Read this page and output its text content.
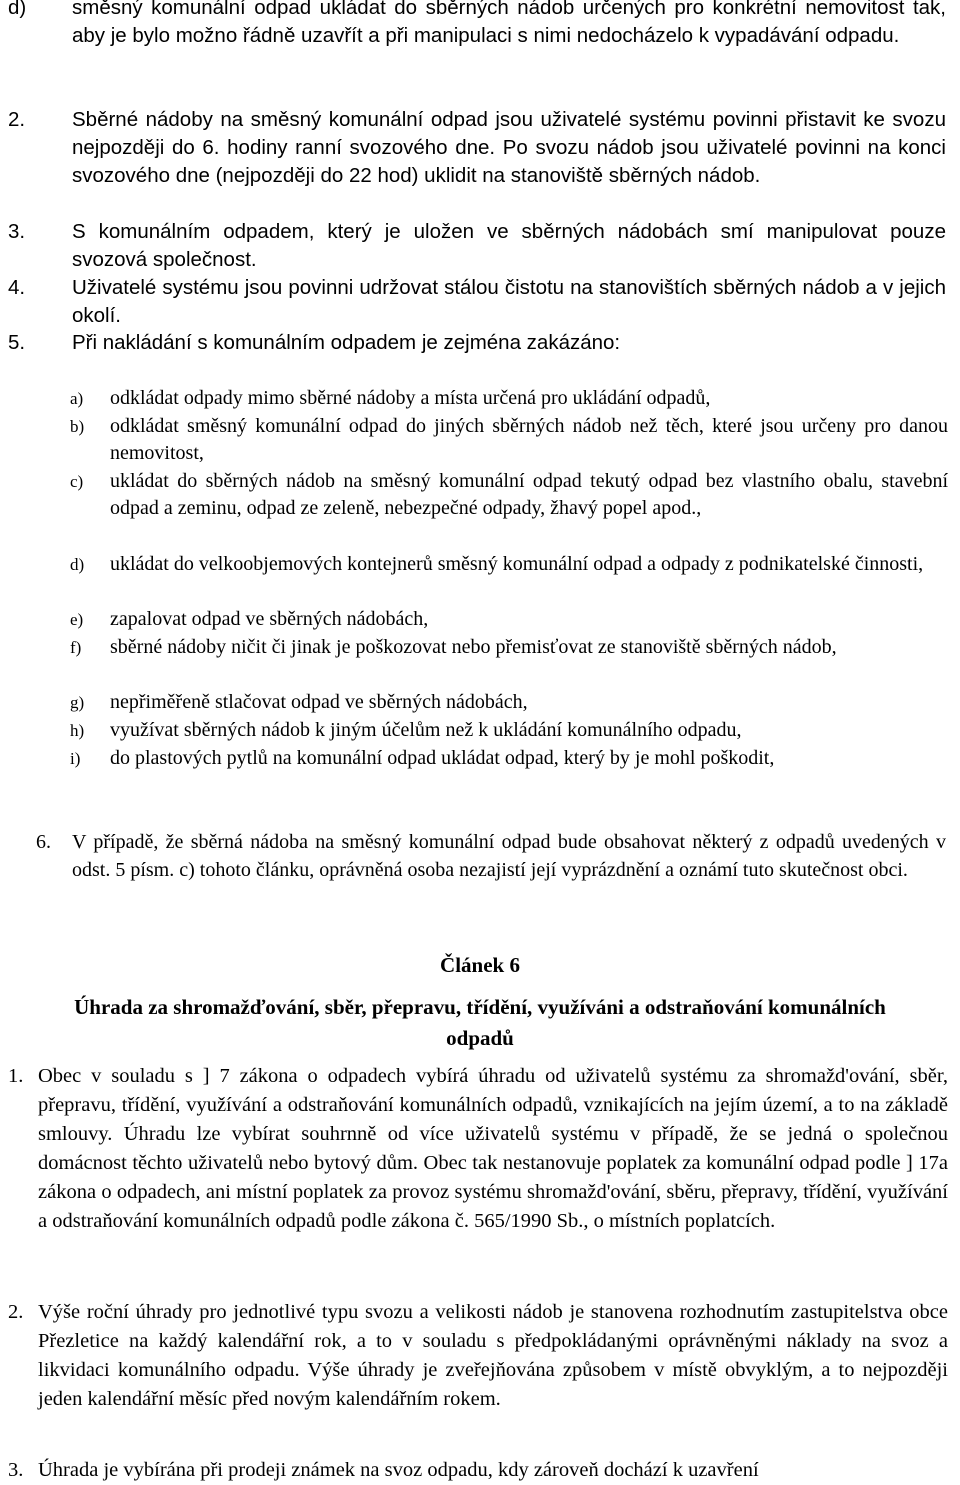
d) směsný komunální odpad ukládat do sběrných nádob určených pro konkrétní nemovitost tak, aby je bylo možno řádně uzavřít a při manipulaci s nimi nedocházelo k vypadávání odpadu.
2. Sběrné nádoby na směsný komunální odpad jsou uživatelé systému povinni přistavit ke svozu nejpozději do 6. hodiny ranní svozového dne. Po svozu nádob jsou uživatelé povinni na konci svozového dne (nejpozději do 22 hod) uklidit na stanoviště sběrných nádob.
3. S komunálním odpadem, který je uložen ve sběrných nádobách smí manipulovat pouze svozová společnost.
4. Uživatelé systému jsou povinni udržovat stálou čistotu na stanovištích sběrných nádob a v jejich okolí.
5. Při nakládání s komunálním odpadem je zejména zakázáno:
a) odkládat odpady mimo sběrné nádoby a místa určená pro ukládání odpadů,
b) odkládat směsný komunální odpad do jiných sběrných nádob než těch, které jsou určeny pro danou nemovitost,
c) ukládat do sběrných nádob na směsný komunální odpad tekutý odpad bez vlastního obalu, stavební odpad a zeminu, odpad ze zeleně, nebezpečné odpady, žhavý popel apod.,
d) ukládat do velkoobjemových kontejnerů směsný komunální odpad a odpady z podnikatelské činnosti,
e) zapalovat odpad ve sběrných nádobách,
f) sběrné nádoby ničit či jinak je poškozovat nebo přemisťovat ze stanoviště sběrných nádob,
g) nepřiměřeně stlačovat odpad ve sběrných nádobách,
h) využívat sběrných nádob k jiným účelům než k ukládání komunálního odpadu,
i) do plastových pytlů na komunální odpad ukládat odpad, který by je mohl poškodit,
6. V případě, že sběrná nádoba na směsný komunální odpad bude obsahovat některý z odpadů uvedených v odst. 5 písm. c) tohoto článku, oprávněná osoba nezajistí její vyprázdnění a oznámí tuto skutečnost obci.
Článek 6
Úhrada za shromažďování, sběr, přepravu, třídění, využíváni a odstraňování komunálních odpadů
1. Obec v souladu s ] 7 zákona o odpadech vybírá úhradu od uživatelů systému za shromažd'ování, sběr, přepravu, třídění, využívání a odstraňování komunálních odpadů, vznikajících na jejím území, a to na základě smlouvy. Úhradu lze vybírat souhrnně od více uživatelů systému v případě, že se jedná o společnou domácnost těchto uživatelů nebo bytový dům. Obec tak nestanovuje poplatek za komunální odpad podle ] 17a zákona o odpadech, ani místní poplatek za provoz systému shromažd'ování, sběru, přepravy, třídění, využívání a odstraňování komunálních odpadů podle zákona č. 565/1990 Sb., o místních poplatcích.
2. Výše roční úhrady pro jednotlivé typu svozu a velikosti nádob je stanovena rozhodnutím zastupitelstva obce Přezletice na každý kalendářní rok, a to v souladu s předpokládanými oprávněnými náklady na svoz a likvidaci komunálního odpadu. Výše úhrady je zveřejňována způsobem v místě obvyklým, a to nejpozději jeden kalendářní měsíc před novým kalendářním rokem.
3. Úhrada je vybírána při prodeji známek na svoz odpadu, kdy zároveň dochází k uzavření
